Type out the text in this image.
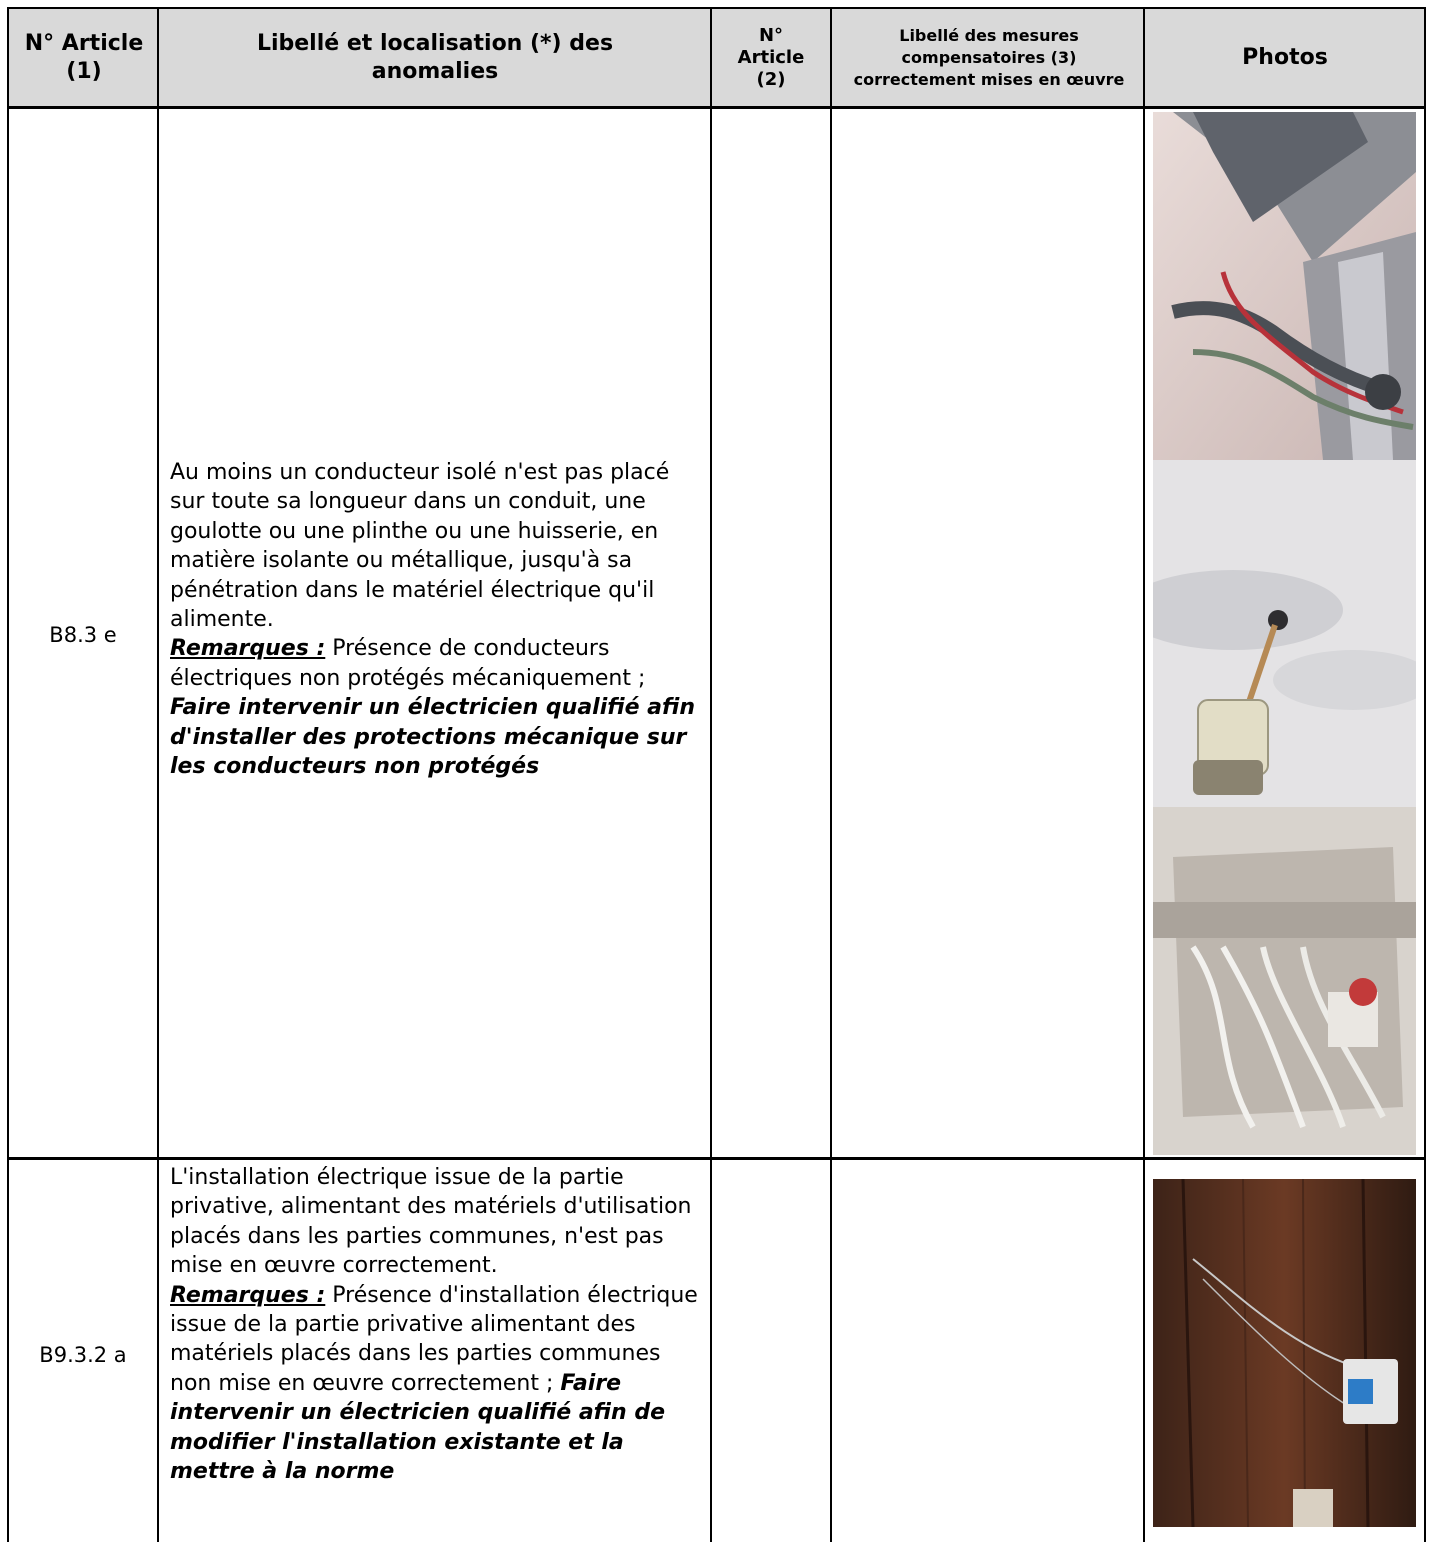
N° Article (1)
Libellé et localisation (*) des anomalies
N° Article (2)
Libellé des mesures compensatoires (3) correctement mises en œuvre
Photos
B8.3 e
Au moins un conducteur isolé n'est pas placé sur toute sa longueur dans un conduit, une goulotte ou une plinthe ou une huisserie, en matière isolante ou métallique, jusqu'à sa pénétration dans le matériel électrique qu'il alimente.
Remarques : Présence de conducteurs électriques non protégés mécaniquement ; Faire intervenir un électricien qualifié afin d'installer des protections mécanique sur les conducteurs non protégés
B9.3.2 a
L'installation électrique issue de la partie privative, alimentant des matériels d'utilisation placés dans les parties communes, n'est pas mise en œuvre correctement.
Remarques : Présence d'installation électrique issue de la partie privative alimentant des matériels placés dans les parties communes non mise en œuvre correctement ; Faire intervenir un électricien qualifié afin de modifier l'installation existante et la mettre à la norme
